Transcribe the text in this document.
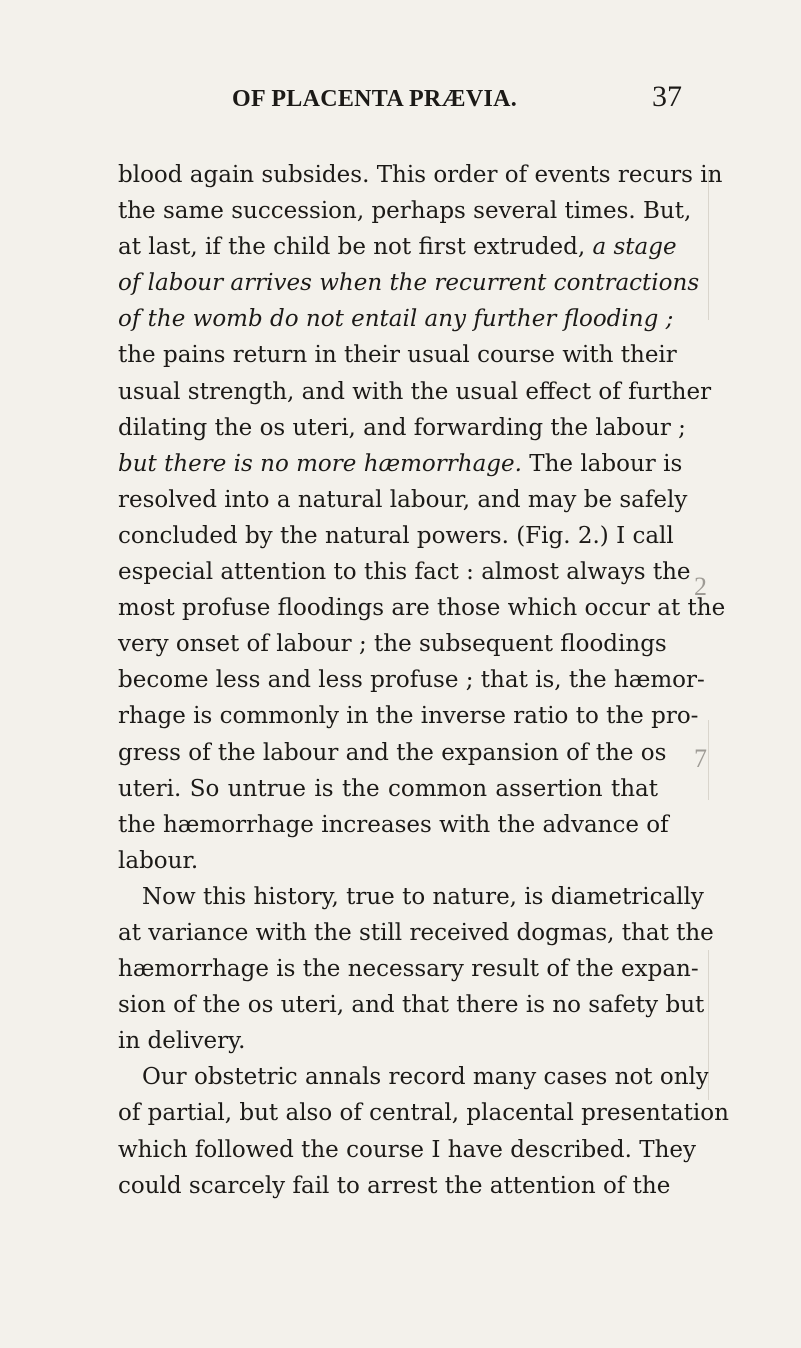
OF PLACENTA PRÆVIA.	37
blood again subsides. This order of events recurs in
the same succession, perhaps several times. But,
at last, if the child be not first extruded, a stage
of labour arrives when the recurrent contractions
of the womb do not entail any further flooding ;
the pains return in their usual course with their
usual strength, and with the usual effect of further
dilating the os uteri, and forwarding the labour ;
but there is no more hæmorrhage. The labour is
resolved into a natural labour, and may be safely
concluded by the natural powers. (Fig. 2.) I call
especial attention to this fact : almost always the
most profuse floodings are those which occur at the
very onset of labour ; the subsequent floodings
become less and less profuse ; that is, the hæmor-
rhage is commonly in the inverse ratio to the pro-
gress of the labour and the expansion of the os
uteri. So untrue is the common assertion that
the hæmorrhage increases with the advance of
labour.
Now this history, true to nature, is diametrically
at variance with the still received dogmas, that the
hæmorrhage is the necessary result of the expan-
sion of the os uteri, and that there is no safety but
in delivery.
Our obstetric annals record many cases not only
of partial, but also of central, placental presentation
which followed the course I have described. They
could scarcely fail to arrest the attention of the
2
7
